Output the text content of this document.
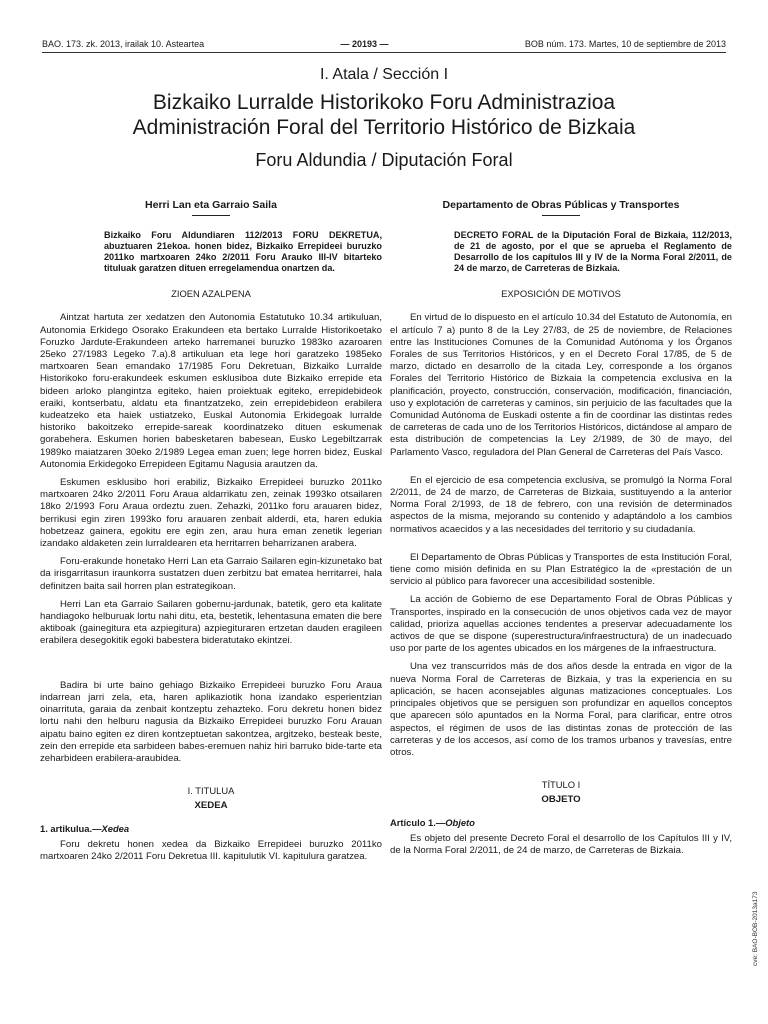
BAO. 173. zk. 2013, irailak 10. Asteartea	— 20193 —	BOB núm. 173. Martes, 10 de septiembre de 2013
I. Atala / Sección I
Bizkaiko Lurralde Historikoko Foru Administrazioa
Administración Foral del Territorio Histórico de Bizkaia
Foru Aldundia / Diputación Foral
Herri Lan eta Garraio Saila
Bizkaiko Foru Aldundiaren 112/2013 FORU DEKRETUA, abuztuaren 21ekoa. honen bidez, Bizkaiko Errepideei buruzko 2011ko martxoaren 24ko 2/2011 Foru Arauko III-IV bitarteko tituluak garatzen dituen erregelamendua onartzen da.
ZIOEN AZALPENA

Aintzat hartuta zer xedatzen den Autonomia Estatutuko 10.34 artikuluan, Autonomia Erkidego Osorako Erakundeen eta bertako Lurralde Historikoetako Foruzko Jardute-Erakundeen arteko harremanei buruzko 1983ko azaroaren 25eko 27/1983 Legeko 7.a).8 artikuluan eta lege hori garatzeko 1985eko martxoaren 5ean emandako 17/1985 Foru Dekretuan, Bizkaiko Lurralde Historikoko foru-erakundeek eskumen esklusiboa dute Bizkaiko errepide eta bideen arloko plangintza egiteko, haien proiektuak egiteko, errepidebideok eraiki, kontserbatu, aldatu eta finantzatzeko, zein errepidebideon erabilera kudeatzeko eta haiek ustiatzeko, Euskal Autonomia Erkidegoak lurralde historiko bakoitzeko errepide-sareak koordinatzeko dituen eskumenak gorabehera. Eskumen horien babesketaren babesean, Eusko Legebiltzarrak 1989ko maiatzaren 30eko 2/1989 Legea eman zuen; lege horren bidez, Euskal Autonomia Erkidegoko Errepideen Egitamu Nagusia arautzen da.

Eskumen esklusibo hori erabiliz, Bizkaiko Errepideei buruzko 2011ko martxoaren 24ko 2/2011 Foru Araua aldarrikatu zen, zeinak 1993ko otsailaren 18ko 2/1993 Foru Araua ordeztu zuen. Zehazki, 2011ko foru arauaren bidez, berrikusi egin ziren 1993ko foru arauaren zenbait alderdi, eta, haren edukia hobetzeaz gainera, egokitu ere egin zen, arau hura eman zenetik legerian izandako aldaketen zein lurraldearen eta herritarren beharrizanen arabera.

Foru-erakunde honetako Herri Lan eta Garraio Sailaren egin-kizunetako bat da irisgarritasun iraunkorra sustatzen duen zerbitzu bat ematea herritarrei, hala definitzen baita sail horren plan estrategikoan.

Herri Lan eta Garraio Sailaren gobernu-jardunak, batetik, gero eta kalitate handiagoko helburuak lortu nahi ditu, eta, bestetik, lehentasuna ematen die bere aktiboak (gainegitura eta azpiegitura) azpiegituraren ertzetan dauden eragileen erabilera desegokitik egoki babestera bideratutako ekintzei.

Badira bi urte baino gehiago Bizkaiko Errepideei buruzko Foru Araua indarrean jarri zela, eta, haren aplikaziotik hona izandako esperientzian oinarrituta, garaia da zenbait kontzeptu zehazteko. Foru dekretu honen bidez lortu nahi den helburu nagusia da Bizkaiko Errepideei buruzko Foru Arauan aipatu baino egiten ez diren kontzeptuetan sakontzea, argitzeko, besteak beste, zein den errepide eta sarbideen babes-eremuen nahiz hiri barruko bide-tarte eta zeharbideen erabilera-araubidea.

I. TITULUA
XEDEA
1. artikulua.—Xedea

Foru dekretu honen xedea da Bizkaiko Errepideei buruzko 2011ko martxoaren 24ko 2/2011 Foru Dekretua III. kapitulutik VI. kapitulura garatzea.

Departamento de Obras Públicas y Transportes
DECRETO FORAL de la Diputación Foral de Bizkaia, 112/2013, de 21 de agosto, por el que se aprueba el Reglamento de Desarrollo de los capítulos III y IV de la Norma Foral 2/2011, de 24 de marzo, de Carreteras de Bizkaia.
EXPOSICIÓN DE MOTIVOS

En virtud de lo dispuesto en el artículo 10.34 del Estatuto de Autonomía, en el artículo 7 a) punto 8 de la Ley 27/83, de 25 de noviembre, de Relaciones entre las Instituciones Comunes de la Comunidad Autónoma y los Órganos Forales de sus Territorios Históricos, y en el Decreto Foral 17/85, de 5 de marzo, dictado en desarrollo de la citada Ley, corresponde a los órganos Forales del Territorio Histórico de Bizkaia la competencia exclusiva en la planificación, proyecto, construcción, conservación, modificación, financiación, uso y explotación de carreteras y caminos, sin perjuicio de las facultades que la Comunidad Autónoma de Euskadi ostente a fin de coordinar las distintas redes de carreteras de cada uno de los Territorios Históricos, dictándose al amparo de esta distribución de competencias la Ley 2/1989, de 30 de mayo, del Parlamento Vasco, reguladora del Plan General de Carreteras del País Vasco.

En el ejercicio de esa competencia exclusiva, se promulgó la Norma Foral 2/2011, de 24 de marzo, de Carreteras de Bizkaia, sustituyendo a la anterior Norma Foral 2/1993, de 18 de febrero, con una revisión de determinados aspectos de la misma, mejorando su contenido y adaptándolo a los cambios normativos acaecidos y a las necesidades del territorio y su ciudadanía.

El Departamento de Obras Públicas y Transportes de esta Institución Foral, tiene como misión definida en su Plan Estratégico la de «prestación de un servicio al público para favorecer una accesibilidad sostenible.

La acción de Gobierno de ese Departamento Foral de Obras Públicas y Transportes, inspirado en la consecución de unos objetivos cada vez de mayor calidad, prioriza aquellas acciones tendentes a preservar adecuadamente los activos de que se dispone (superestructura/infraestructura) de un inadecuado uso por parte de los agentes ubicados en los márgenes de la infraestructura.

Una vez transcurridos más de dos años desde la entrada en vigor de la nueva Norma Foral de Carreteras de Bizkaia, y tras la experiencia en su aplicación, se hacen aconsejables algunas matizaciones conceptuales. Los principales objetivos que se persiguen son profundizar en aquellos conceptos que aparecen sólo apuntados en la Norma Foral, para clarificar, entre otros aspectos, el régimen de usos de las distintas zonas de protección de las carreteras y de los accesos, así como de los tramos urbanos y travesías, entre otros.

TÍTULO I
OBJETO
Artículo 1.—Objeto

Es objeto del presente Decreto Foral el desarrollo de los Capítulos III y IV, de la Norma Foral 2/2011, de 24 de marzo, de Carreteras de Bizkaia.

cve: BAO-BOB-2013a173
